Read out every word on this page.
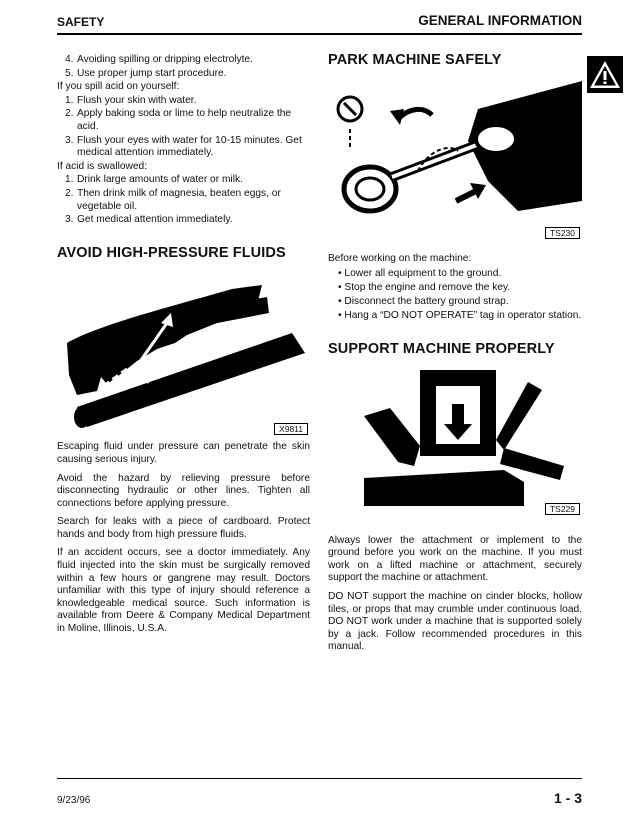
SAFETY	GENERAL INFORMATION
4. Avoiding spilling or dripping electrolyte.
5. Use proper jump start procedure.
If you spill acid on yourself:
1. Flush your skin with water.
2. Apply baking soda or lime to help neutralize the acid.
3. Flush your eyes with water for 10-15 minutes. Get medical attention immediately.
If acid is swallowed:
1. Drink large amounts of water or milk.
2. Then drink milk of magnesia, beaten eggs, or vegetable oil.
3. Get medical attention immediately.
AVOID HIGH-PRESSURE FLUIDS
X9811

Escaping fluid under pressure can penetrate the skin causing serious injury.

Avoid the hazard by relieving pressure before disconnecting hydraulic or other lines. Tighten all connections before applying pressure.

Search for leaks with a piece of cardboard. Protect hands and body from high pressure fluids.

If an accident occurs, see a doctor immediately. Any fluid injected into the skin must be surgically removed within a few hours or gangrene may result. Doctors unfamiliar with this type of injury should reference a knowledgeable medical source. Such information is available from Deere & Company Medical Department in Moline, Illinois, U.S.A.

PARK MACHINE SAFELY
TS230

Before working on the machine:

• Lower all equipment to the ground.
• Stop the engine and remove the key.
• Disconnect the battery ground strap.
• Hang a “DO NOT OPERATE” tag in operator station.
SUPPORT MACHINE PROPERLY
TS229

Always lower the attachment or implement to the ground before you work on the machine. If you must work on a lifted machine or attachment, securely support the machine or attachment.

DO NOT support the machine on cinder blocks, hollow tiles, or props that may crumble under continuous load. DO NOT work under a machine that is supported solely by a jack. Follow recommended procedures in this manual.

9/23/96	1 - 3
